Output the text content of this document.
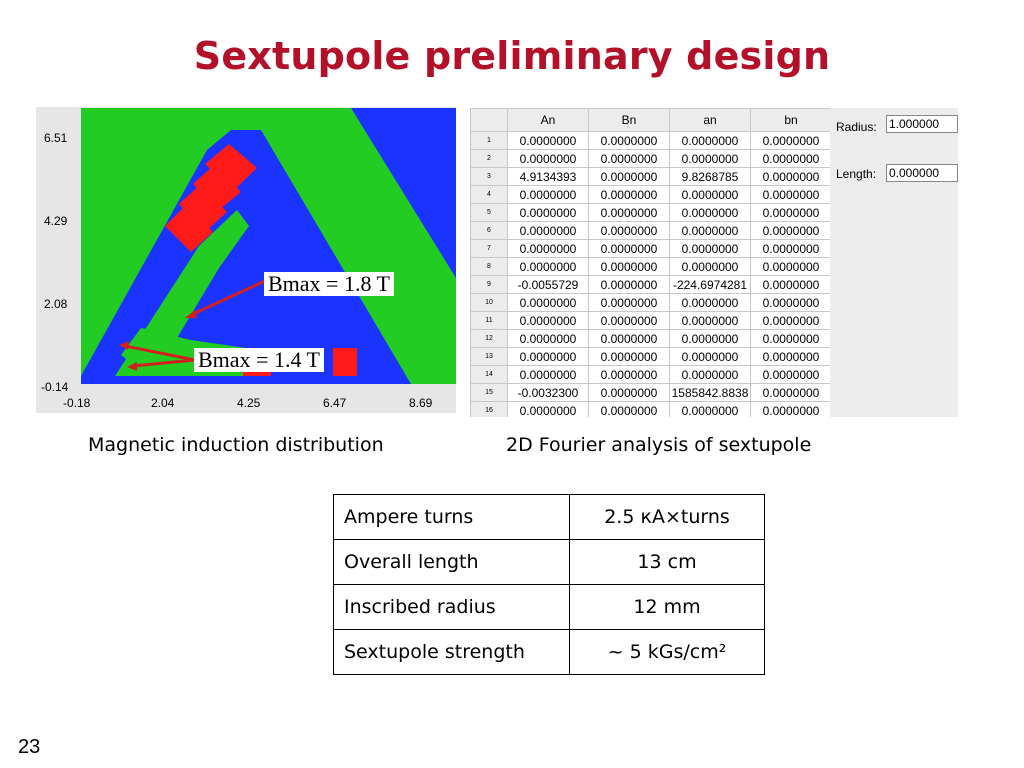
Sextupole preliminary design
Bmax = 1.8 T
Bmax = 1.4 T
6.51
4.29
2.08
-0.14
-0.18	2.04	4.25	6.47	8.69
Magnetic induction distribution
	An	Bn	an	bn
1	0.0000000	0.0000000	0.0000000	0.0000000
2	0.0000000	0.0000000	0.0000000	0.0000000
3	4.9134393	0.0000000	9.8268785	0.0000000
4	0.0000000	0.0000000	0.0000000	0.0000000
5	0.0000000	0.0000000	0.0000000	0.0000000
6	0.0000000	0.0000000	0.0000000	0.0000000
7	0.0000000	0.0000000	0.0000000	0.0000000
8	0.0000000	0.0000000	0.0000000	0.0000000
9	-0.0055729	0.0000000	-224.6974281	0.0000000
10	0.0000000	0.0000000	0.0000000	0.0000000
11	0.0000000	0.0000000	0.0000000	0.0000000
12	0.0000000	0.0000000	0.0000000	0.0000000
13	0.0000000	0.0000000	0.0000000	0.0000000
14	0.0000000	0.0000000	0.0000000	0.0000000
15	-0.0032300	0.0000000	1585842.8838	0.0000000
16	0.0000000	0.0000000	0.0000000	0.0000000
Radius: 1.000000
Length: 0.000000
2D Fourier analysis of sextupole
Ampere turns	2.5 кA×turns
Overall length	13 cm
Inscribed radius	12 mm
Sextupole strength	~ 5 kGs/cm²
23
